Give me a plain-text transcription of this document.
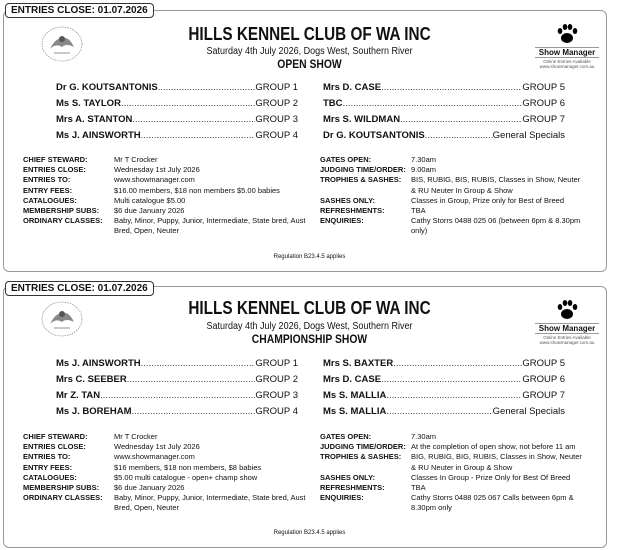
ENTRIES CLOSE: 01.07.2026
Show Manager
Online Entries Available www.showmanager.com.au
HILLS KENNEL CLUB OF WA INC
Saturday 4th July 2026, Dogs West, Southern River
OPEN SHOW
Dr G. KOUTSANTONIS .....	GROUP 1
Ms S. TAYLOR .....	GROUP 2
Mrs A. STANTON .....	GROUP 3
Ms J. AINSWORTH .....	GROUP 4
Mrs D. CASE .....	GROUP 5
TBC .....	GROUP 6
Mrs S. WILDMAN .....	GROUP 7
Dr G. KOUTSANTONIS .....	General Specials
CHIEF STEWARD:	Mr T Crocker
ENTRIES CLOSE:	Wednesday 1st July 2026
ENTRIES TO:	www.showmanager.com
ENTRY FEES:	$16.00 members, $18 non members $5.00 babies
CATALOGUES:	Multi catalogue $5.00
MEMBERSHIP SUBS:	$6 due January 2026
ORDINARY CLASSES:	Baby, Minor, Puppy, Junior, Intermediate, State bred, Aust Bred, Open, Neuter
GATES OPEN:	7.30am
JUDGING TIME/ORDER: 9.00am
TROPHIES & SASHES:	BIS, RUBIG, BIS, RUBIS, Classes in Show, Neuter & RU Neuter In Group & Show
SASHES ONLY:	Classes in Group, Prize only for Best of Breed
REFRESHMENTS:	TBA
ENQUIRIES:	Cathy Storrs 0488 025 06 (between 6pm & 8.30pm only)
Regulation B23.4.5 applies
ENTRIES CLOSE: 01.07.2026
Show Manager
Online Entries Available www.showmanager.com.au
HILLS KENNEL CLUB OF WA INC
Saturday 4th July 2026, Dogs West, Southern River
CHAMPIONSHIP SHOW
Ms J. AINSWORTH .....	GROUP 1
Mrs C. SEEBER .....	GROUP 2
Mr Z. TAN .....	GROUP 3
Ms J. BOREHAM .....	GROUP 4
Mrs S. BAXTER .....	GROUP 5
Mrs D. CASE .....	GROUP 6
Ms S. MALLIA .....	GROUP 7
Ms S. MALLIA .....	General Specials
CHIEF STEWARD:	Mr T Crocker
ENTRIES CLOSE:	Wednesday 1st July 2026
ENTRIES TO:	www.showmanager.com
ENTRY FEES:	$16 members, $18 non members, $8 babies
CATALOGUES:	$5.00 multi catalogue - open+ champ show
MEMBERSHIP SUBS:	$6 due January 2026
ORDINARY CLASSES:	Baby, Minor, Puppy, Junior, Intermediate, State bred, Aust Bred, Open, Neuter
GATES OPEN:	7.30am
JUDGING TIME/ORDER: At the completion of open show, not before 11 am
TROPHIES & SASHES:	BIG, RUBIG, BIG, RUBIS, Classes in Show, Neuter & RU Neuter in Group & Show
SASHES ONLY:	Classes In Group - Prize Only for Best Of Breed
REFRESHMENTS:	TBA
ENQUIRIES:	Cathy Storrs 0488 025 067 Calls between 6pm & 8.30pm only
Regulation B23.4.5 applies
